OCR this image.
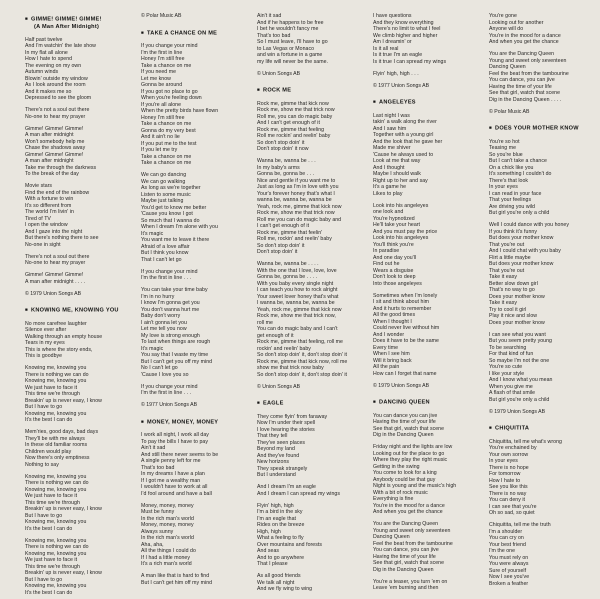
■ GIMME! GIMME! GIMME!
(A Man After Midnight)
Half past twelve
And I'm watchin' the late show
In my flat all alone
How I hate to spend
The evening on my own
Autumn winds
Blowin' outside my window
As I look around the room
And it makes me so
Depressed to see the gloom
There's not a soul out there
No-one to hear my prayer
Gimme! Gimme! Gimme!
A man after midnight
Won't somebody help me
Chase the shadows away
Gimme! Gimme! Gimme!
A man after midnight
Take me through the darkness
To the break of the day
Movie stars
Find the end of the rainbow
With a fortune to win
It's so different from
The world I'm livin' in
Tired of TV
I open the window
And I gaze into the night
But there's nothing there to see
No-one in sight
There's not a soul out there
No-one to hear my prayer
Gimme! Gimme! Gimme!
A man after midnight . . . .
© 1979 Union Songs AB
■ KNOWING ME, KNOWING YOU
No more carefree laughter
Silence ever after
Walking through an empty house
Tears in my eyes
This is where the story ends,
This is goodbye
Knowing me, knowing you
There is nothing we can do
Knowing me, knowing you
We just have to face it
This time we're through
Breakin' up is never easy, I know
But I have to go
Knowing me, knowing you
It's the best I can do
Mem'ries, good days, bad days
They'll be with me always
In these old familiar rooms
Children would play
Now there's only emptiness
Nothing to say
Knowing me, knowing you
There is nothing we can do
Knowing me, knowing you
We just have to face it
This time we're through
Breakin' up is never easy, I know
But I have to go
Knowing me, knowing you
It's the best I can do
Knowing me, knowing you
There is nothing we can do
Knowing me, knowing you
We just have to face it
This time we're through
Breakin' up is never easy, I know
But I have to go
Knowing me, knowing you
It's the best I can do
© Polar Music AB
■ TAKE A CHANCE ON ME
If you change your mind
I'm the first in line
Honey I'm still free
Take a chance on me
If you need me
Let me know
Gonna be around
If you got no place to go
When you're feeling down
If you're all alone
When the pretty birds have flown
Honey I'm still free
Take a chance on me
Gonna do my very best
And it ain't no lie
If you put me to the test
If you let me try
Take a chance on me
Take a chance on me
We can go dancing
We can go walking
As long as we're together
Listen to some music
Maybe just talking
You'd get to know me better
'Cause you know I got
So much that I wanna do
When I dream I'm alone with you
It's magic
You want me to leave it there
Afraid of a love affair
But I think you know
That I can't let go
If you change your mind
I'm the first in line . . .
You can take your time baby
I'm in no hurry
I know I'm gonna get you
You don't wanna hurt me
Baby don't worry
I ain't gonna let you
Let me tell you now
My love is strong enough
To last when things are rough
It's magic
You say that I waste my time
But I can't get you off my mind
No I can't let go
'Cause I love you so
If you change your mind
I'm the first in line . . .
© 1977 Union Songs AB
■ MONEY, MONEY, MONEY
I work all night, I work all day
To pay the bills I have to pay
Ain't it sad
And still there never seems to be
A single penny left for me
That's too bad
In my dreams I have a plan
If I got me a wealthy man
I wouldn't have to work at all
I'd fool around and have a ball
Money, money, money
Must be funny
In the rich man's world
Money, money, money
Always sunny
In the rich man's world
Aha, aha,
All the things I could do
If I had a little money
It's a rich man's world
A man like that is hard to find
But I can't get him off my mind
Ain't it sad
And if he happens to be free
I bet he wouldn't fancy me
That's too bad
So I must leave, I'll have to go
to Las Vegas or Monaco
and win a fortune in a game
my life will never be the same.
© Union Songs AB
■ ROCK ME
Rock me, gimme that kick now
Rock me, show me that trick now
Roll me, you can do magic baby
And I can't get enough of it
Rock me, gimme that feeling
Roll me rockin' and reelin' baby
So don't stop doin' it
Don't stop doin' it now
Wanna be, wanna be . . .
In my baby's arms
Gonna be, gonna be . . .
Nice and gentle if you want me to
Just as long as I'm in love with you
Your's forever honey that's what I
wanna be, wanna be, wanna be
Yeah, rock me, gimme that kick now
Rock me, show me that trick now
Roll me you can do magic baby and
I can't get enough of it
Rock me, gimme that feelin'
Roll me, rockin' and reelin' baby
So don't stop doin' it
Don't stop doin' it
Wanna be, wanna be . . . .
With the one that I love, love, love
Gonna be, gonna be . . . .
With you baby every single night
I can teach you how to rock alright
Your sweet lover honey that's what
I wanna be, wanna be, wanna be
Yeah, rock me, gimme that kick now
Rock me, show me that trick now,
roll me
You can do magic baby and I can't
get enough of it
Rock me, gimme that feeling, roll me
rockin' and reelin' baby
So don't stop doin' it, don't stop doin' it
Rock me, gimme that kick now, roll me
show me that trick now baby
So don't stop doin' it, don't stop doin' it
© Union Songs AB
■ EAGLE
They come flyin' from faraway
Now I'm under their spell
I love hearing the stories
That they tell
They've seen places
Beyond my land
And they've found
New horizons
They speak strangely
But I understand
And I dream I'm an eagle
And I dream I can spread my wings
Flyin' high, high
I'm a bird in the sky
I'm an eagle that
Rides on the breeze
High, high
What a feeling to fly
Over mountains and forests
And seas
And to go anywhere
That I please
As all good friends
We talk all night
And we fly wing to wing
I have questions
And they know everything
There's no limit to what I feel
We climb higher and higher
Am I dreamin' or
Is it all real
Is it true I'm an eagle
Is it true I can spread my wings
Flyin' high, high . . .
© 1977 Union Songs AB
■ ANGELEYES
Last night I was
takin' a walk along the river
And I saw him
Together with a young girl
And the look that he gave her
Made me shiver
'Cause he always used to
Look at me that way
And I thought
Maybe I should walk
Right up to her and say
It's a game he
Likes to play
Look into his angeleyes
one look and
You're hypnotized
He'll take your heart
And you must pay the price
Look into his angeleyes
You'll think you're
In paradise
And one day you'll
Find out he
Wears a disguise
Don't look to deep
Into those angeleyes
Sometimes when I'm lonely
I sit and think about him
And it hurts to remember
All the good times
When I thought I
Could never live without him
And I wonder
Does it have to be the same
Every time
When I see him
Will it bring back
All the pain
How can I forget that name
© 1979 Union Songs AB
■ DANCING QUEEN
You can dance you can jive
Having the time of your life
See that girl, watch that scene
Dig in the Dancing Queen
Friday night and the lights are low
Looking out for the place to go
Where they play the right music
Getting in the swing
You come to look for a king
Anybody could be that guy
Night is young and the music's high
With a bit of rock music
Everything is fine
You're in the mood for a dance
And when you get the chance
You are the Dancing Queen
Young and sweet only seventeen
Dancing Queen
Feel the beat from the tambourine
You can dance, you can jive
Having the time of your life
See that girl, watch that scene
Dig in the Dancing Queen
You're a teaser, you turn 'em on
Leave 'em burning and then
You're gone
Looking out for another
Anyone will do
You're in the mood for a dance
And when you get the chance
You are the Dancing Queen
Young and sweet only seventeen
Dancing Queen
Feel the beat from the tambourine
You can dance, you can jive
Having the time of your life
See that girl, watch that scene
Dig in the Dancing Queen . . . .
© Polar Music AB
■ DOES YOUR MOTHER KNOW
You're so hot
Teasing me
So you're blue
But I can't take a chance
On a chick like you
It's something I couldn't do
There's that look
In your eyes
I can read in your face
That your feelings
Are driving you wild
But girl you're only a child
Well I could dance with you honey
If you think it's funny
But does your mother know
That you're out
And I could chat with you baby
Flirt a little maybe
But does your mother know
That you're out
Take it easy
Better slow down girl
That's no way to go
Does your mother know
Take it easy
Try to cool it girl
Play it nice and slow
Does your mother know
I can see what you want
But you seem pretty young
To be searching
For that kind of fun
So maybe I'm not the one
You're so cute
I like your style
And I know what you mean
When you give me
A flash of that smile
But girl you're only a child
© 1979 Union Songs AB
■ CHIQUITITA
Chiquitita, tell me what's wrong
You're enchained by
Your own sorrow
In your eyes
There is no hope
For tomorrow
How I hate to
See you like this
There is no way
You can deny it
I can see that you're
Oh so sad, so quiet
Chiquitita, tell me the truth
I'm a shoulder
You can cry on
Your best friend
I'm the one
You must rely on
You were always
Sure of yourself
Now I see you've
Broken a feather
